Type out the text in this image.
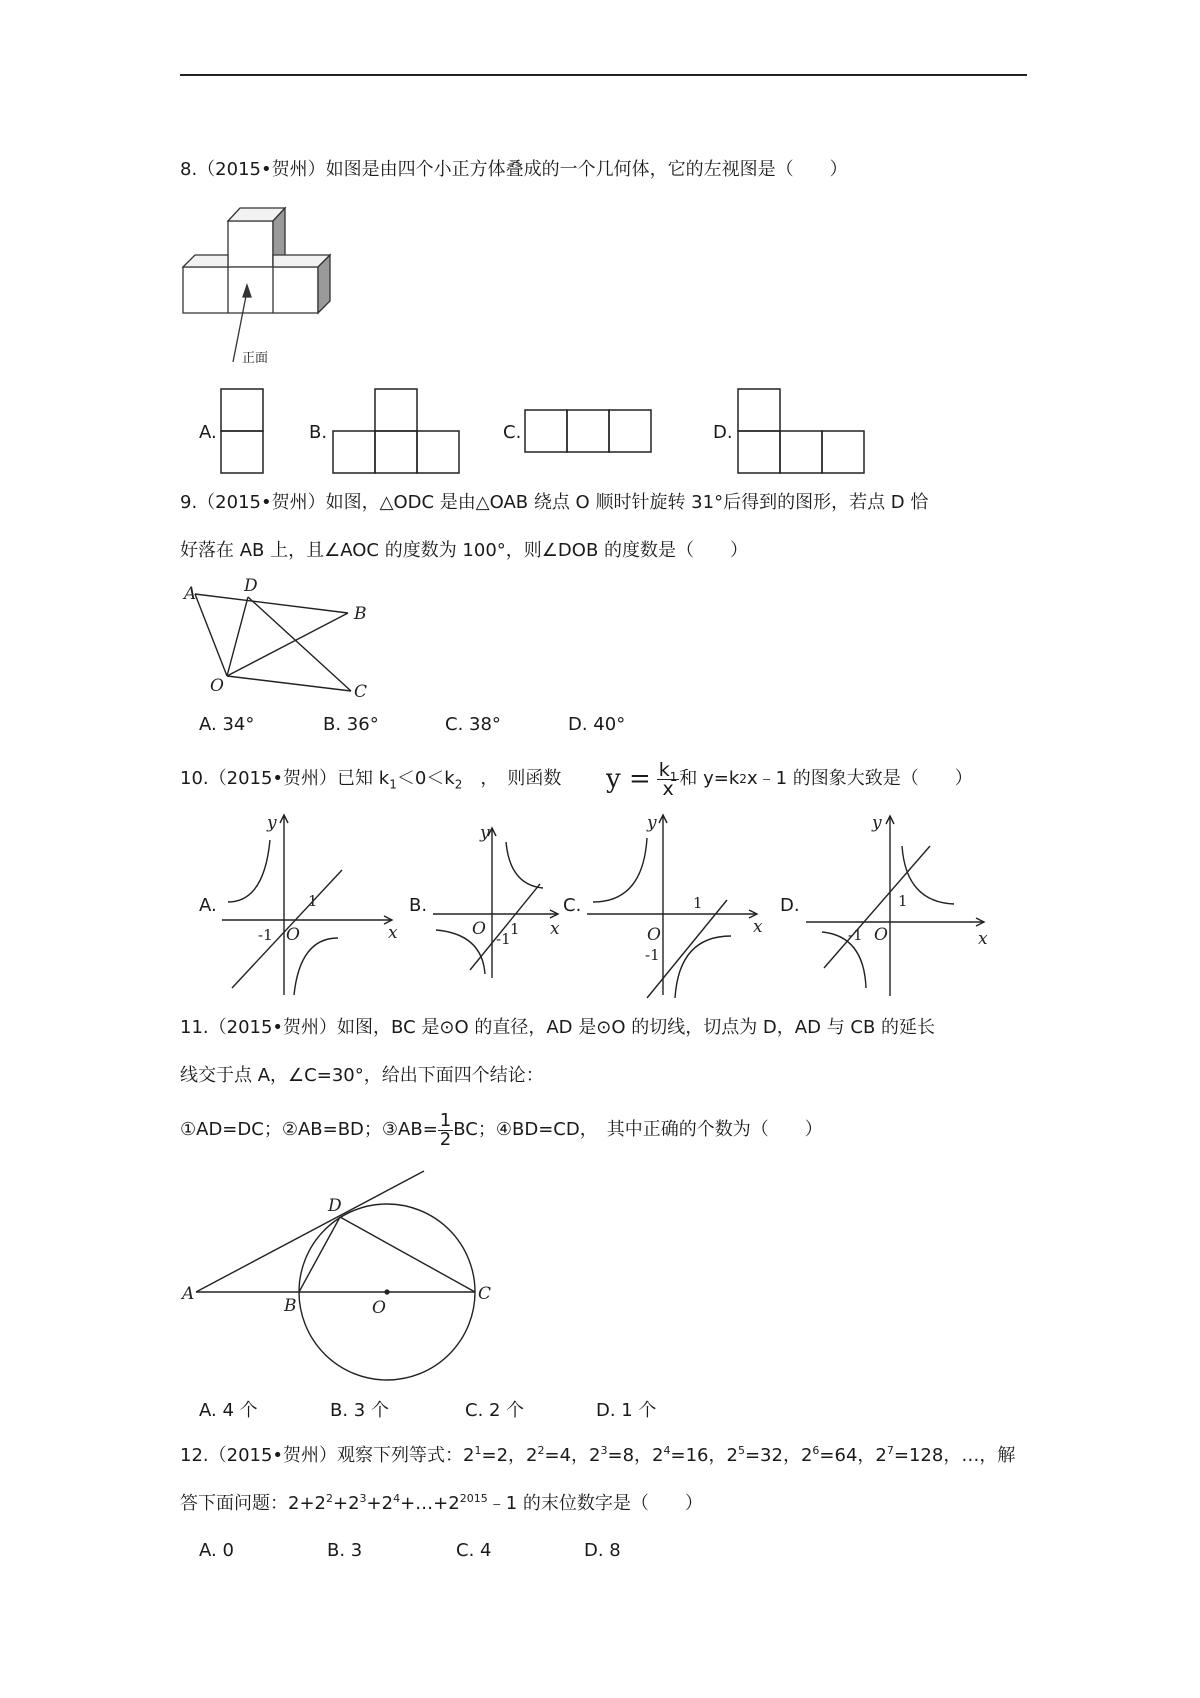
8.（2015•贺州）如图是由四个小正方体叠成的一个几何体，它的左视图是（　　）
正面
A.	B.	C.	D.
9.（2015•贺州）如图，△ODC 是由△OAB 绕点 O 顺时针旋转 31°后得到的图形，若点 D 恰
好落在 AB 上，且∠AOC 的度数为 100°，则∠DOB 的度数是（　　）
A	D
B
O	C
A. 34°	B. 36°	C. 38°	D. 40°
10.（2015•贺州）已知 $k_1<0<k_2$　，　则函数 $y = \frac{k_1}{x}$ 和 y=k 2 x﹣1 的图象大致是（　　）
A.
y
x
O
1
-1
B.
y
x
O 1
-1
C.
y
x
O
1
-1
D.
y
x
O
1
-1
11.（2015•贺州）如图，BC 是⊙O 的直径，AD 是⊙O 的切线，切点为 D，AD 与 CB 的延长
线交于点 A，∠C=30°，给出下面四个结论：
①AD=DC；②AB=BD；③AB= $\frac{1}{2}$ BC；④BD=CD，　其中正确的个数为（　　）
A
B	O
C
D
A. 4 个	B. 3 个	C. 2 个	D. 1 个
12.（2015•贺州）观察下列等式：$2^1=2$，$2^2=4$，$2^3=8$，$2^4=16$，$2^5=32$，$2^6=64$，$2^7=128$，…，解
答下面问题：$2+2^2+2^3+2^4+\dots+2^{2015}﹣1$ 的末位数字是（　　）
A. 0	B. 3	C. 4	D. 8
